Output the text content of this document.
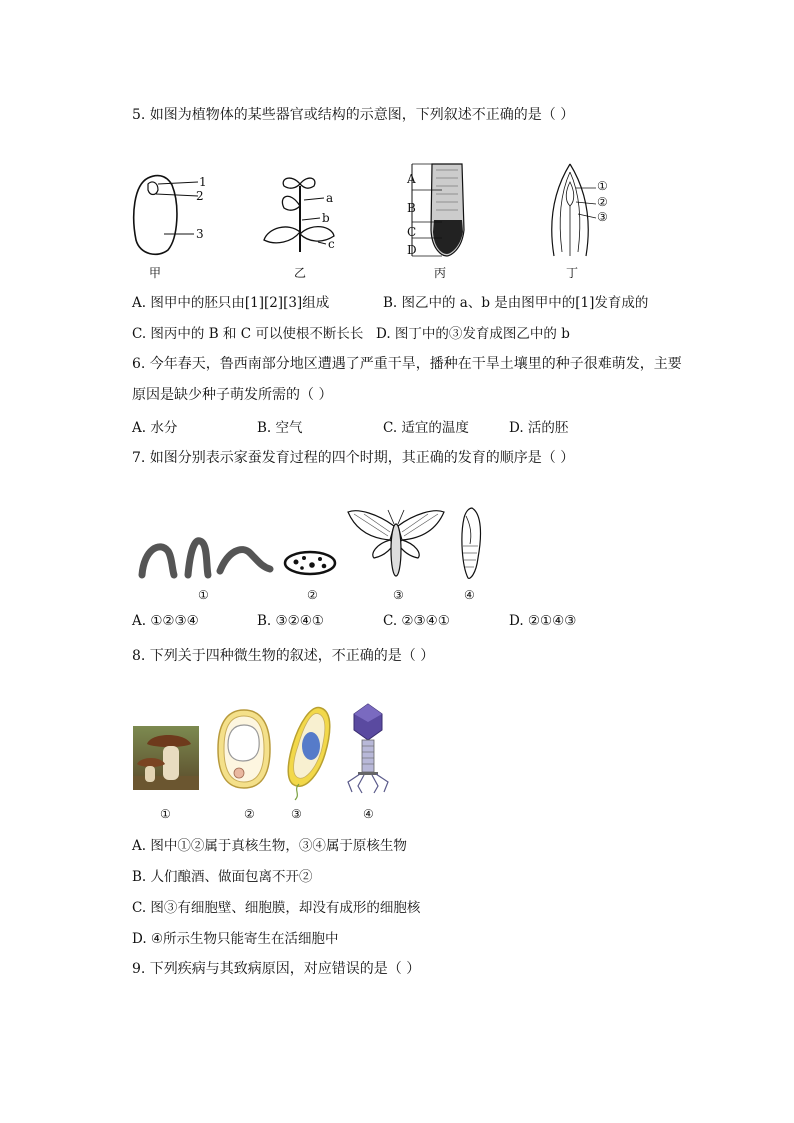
5. 如图为植物体的某些器官或结构的示意图，下列叙述不正确的是（ ）
1
2
3
a
b
c
A
B
C
D
①
②
③
甲	乙	丙	丁
A. 图甲中的胚只由[1][2][3]组成	B. 图乙中的 a、b 是由图甲中的[1]发育成的
C. 图丙中的 B 和 C 可以使根不断长长 D. 图丁中的③发育成图乙中的 b
6. 今年春天，鲁西南部分地区遭遇了严重干旱，播种在干旱土壤里的种子很难萌发，主要
原因是缺少种子萌发所需的（ ）
A. 水分	B. 空气	C. 适宜的温度	D. 活的胚
7. 如图分别表示家蚕发育过程的四个时期，其正确的发育的顺序是（ ）
①	②	③	④
A. ①②③④	B. ③②④①	C. ②③④①	D. ②①④③
8. 下列关于四种微生物的叙述，不正确的是（ ）
①	②	③	④
A. 图中①②属于真核生物，③④属于原核生物
B. 人们酿酒、做面包离不开②
C. 图③有细胞壁、细胞膜，却没有成形的细胞核
D. ④所示生物只能寄生在活细胞中
9. 下列疾病与其致病原因，对应错误的是（ ）
